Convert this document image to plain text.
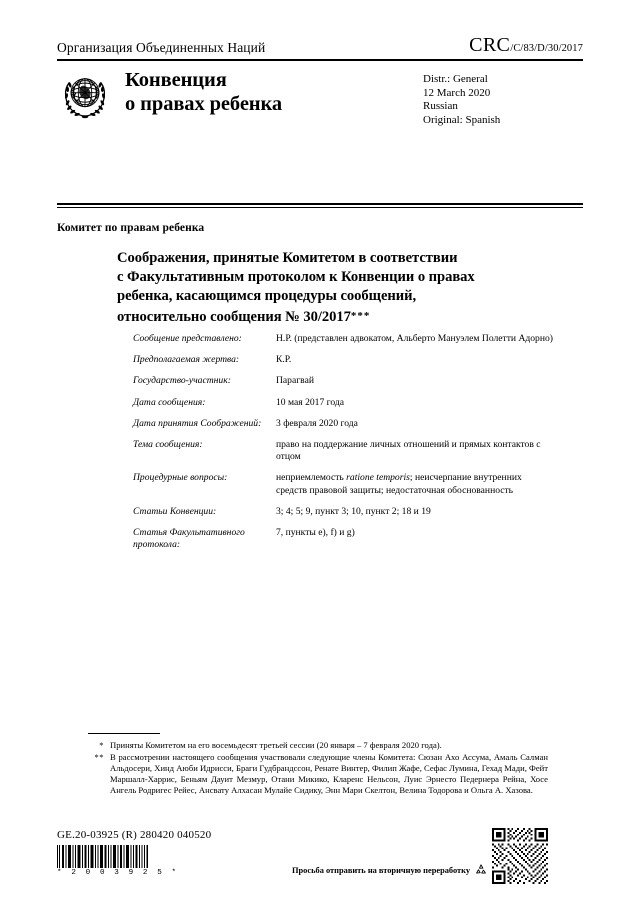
Организация Объединенных Наций	CRC/C/83/D/30/2017
Конвенция
о правах ребенка
Distr.: General
12 March 2020
Russian
Original: Spanish
Комитет по правам ребенка
Соображения, принятые Комитетом в соответствии
с Факультативным протоколом к Конвенции о правах
ребенка, касающимся процедуры сообщений,
относительно сообщения № 30/2017***
Сообщение представлено:	Н.Р. (представлен адвокатом, Альберто Мануэлем Полетти Адорно)
Предполагаемая жертва:	К.Р.
Государство-участник:	Парагвай
Дата сообщения:	10 мая 2017 года
Дата принятия Соображений:	3 февраля 2020 года
Тема сообщения:	право на поддержание личных отношений и прямых контактов с отцом
Процедурные вопросы:	неприемлемость ratione temporis; неисчерпание внутренних средств правовой защиты; недостаточная обоснованность
Статьи Конвенции:	3; 4; 5; 9, пункт 3; 10, пункт 2; 18 и 19
Статья Факультативного протокола:
7, пункты e), f) и g)
* Приняты Комитетом на его восемьдесят третьей сессии (20 января – 7 февраля 2020 года).
** В рассмотрении настоящего сообщения участвовали следующие члены Комитета: Сюзан Ахо Ассума, Амаль Салман Альдосери, Хинд Аюби Идрисси, Браги Гудбрандссон, Ренате Винтер, Филип Жафе, Сефас Лумина, Гехад Мади, Фейт Маршалл-Харрис, Беньям Дауит Мезмур, Отани Микико, Кларенс Нельсон, Луис Эрнесто Педернера Рейна, Хосе Ангель Родригес Рейес, Ансвату Алхасан Мулайе Сидику, Энн Мари Скелтон, Велина Тодорова и Ольга А. Хазова.
GE.20-03925 (R) 280420 040520
* 2 0 0 3 9 2 5 *	Просьба отправить на вторичную переработку
